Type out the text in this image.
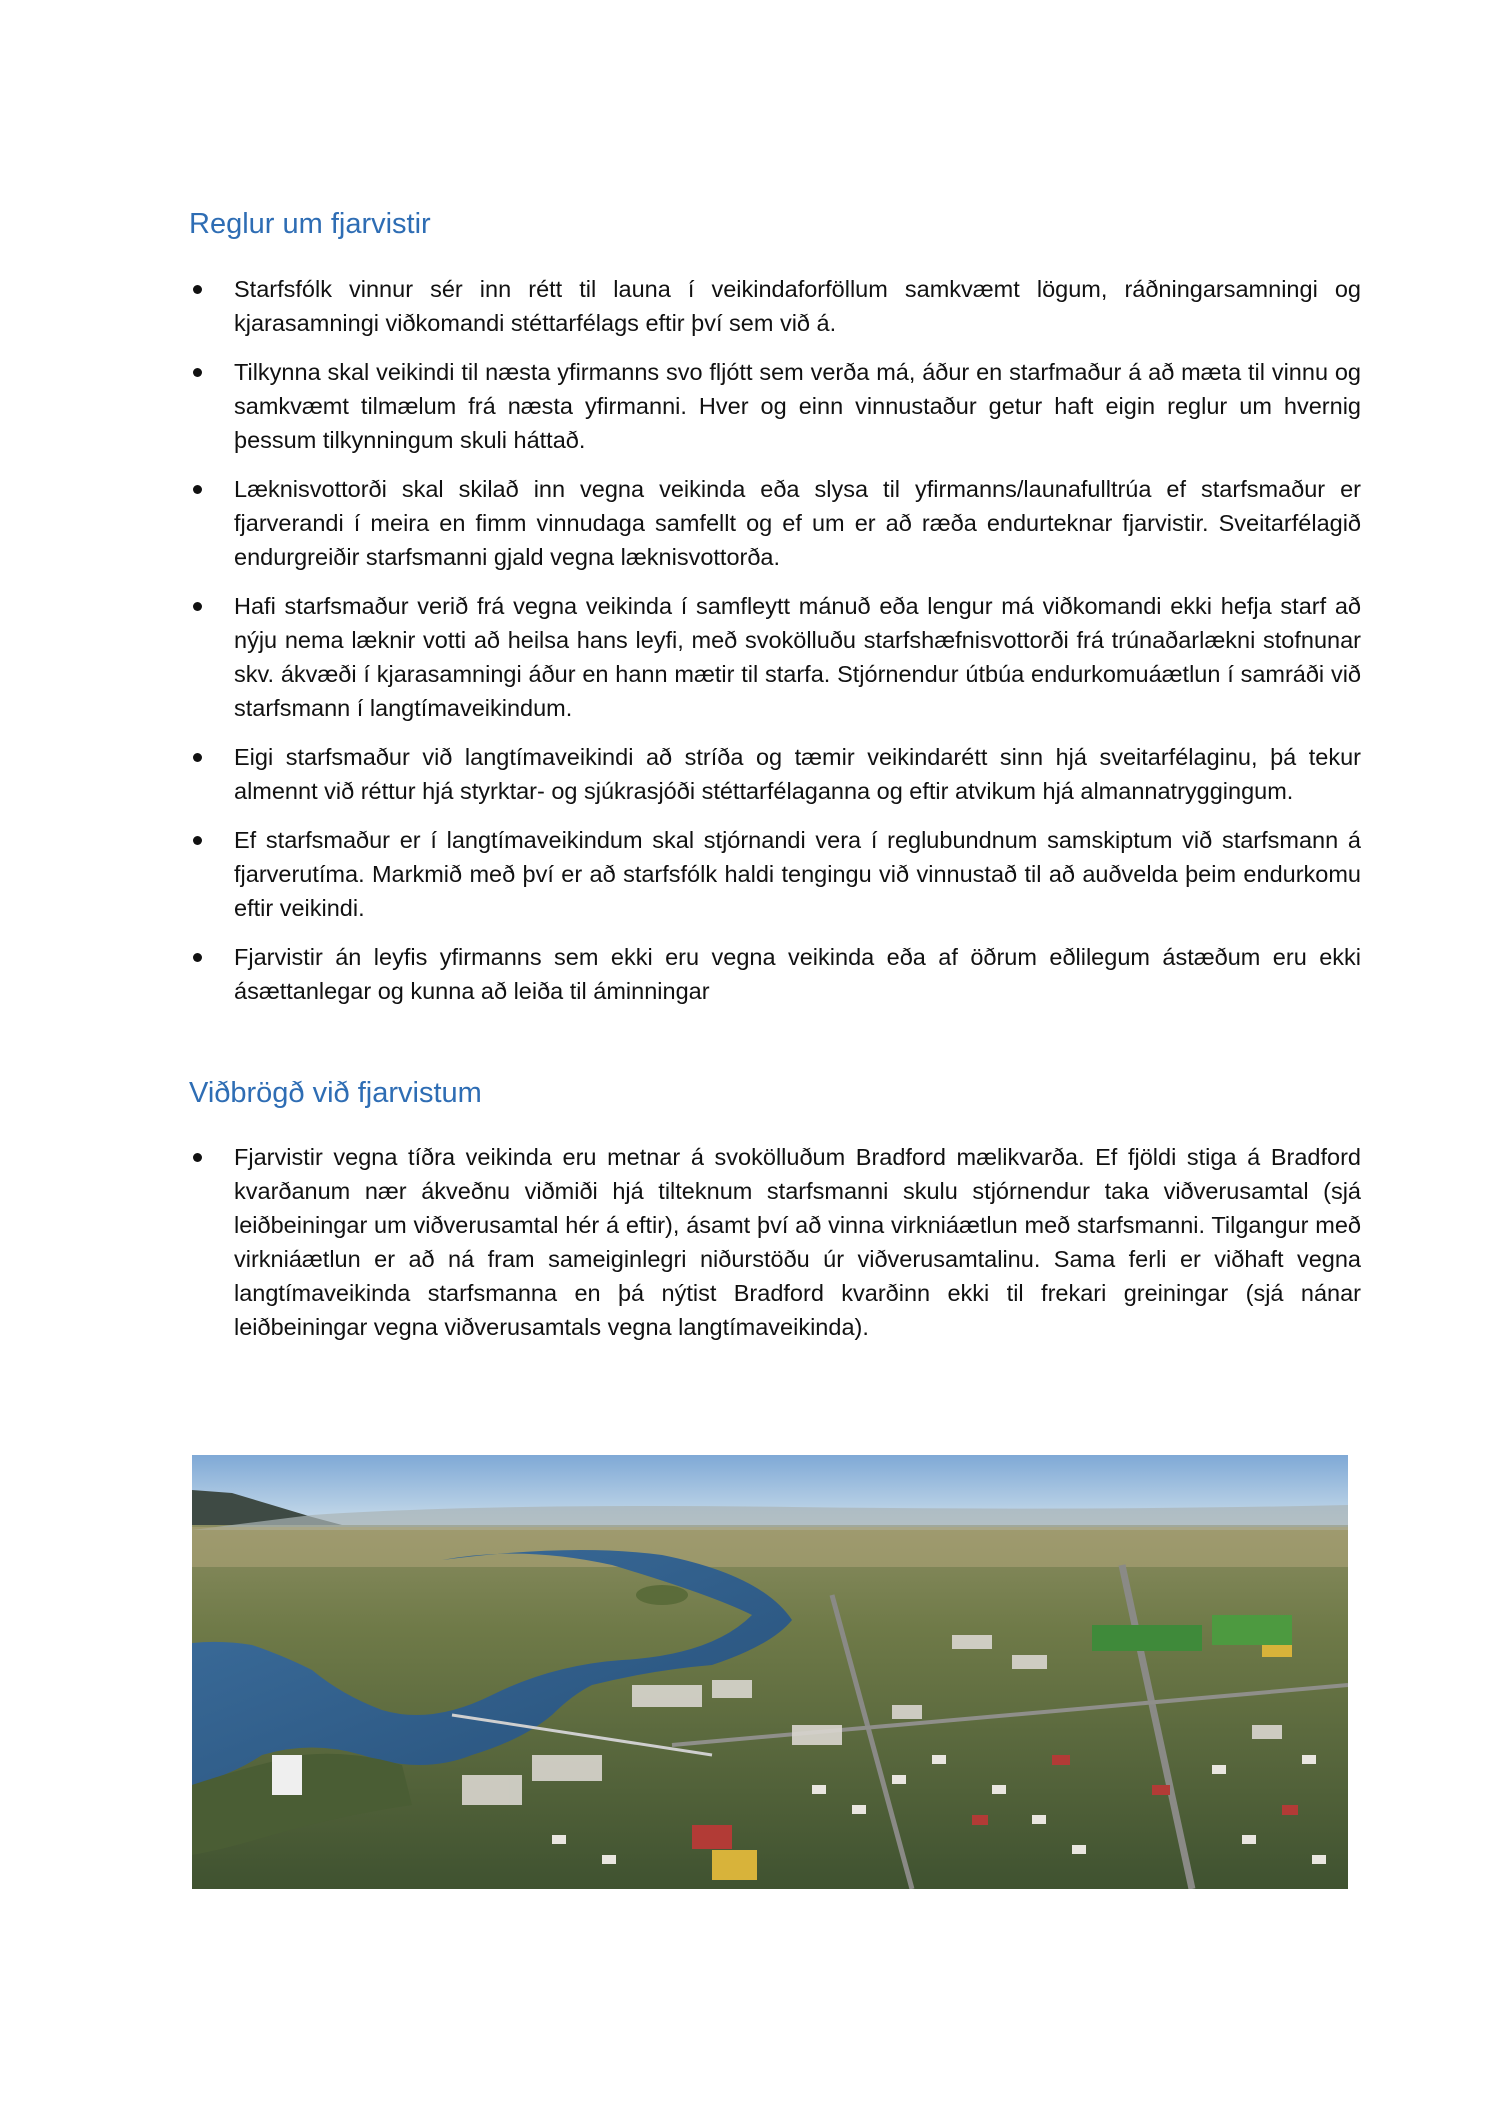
Reglur um fjarvistir
Starfsfólk vinnur sér inn rétt til launa í veikindaforföllum samkvæmt lögum, ráðningarsamningi og kjarasamningi viðkomandi stéttarfélags eftir því sem við á.
Tilkynna skal veikindi til næsta yfirmanns svo fljótt sem verða má, áður en starfmaður á að mæta til vinnu og samkvæmt tilmælum frá næsta yfirmanni. Hver og einn vinnustaður getur haft eigin reglur um hvernig þessum tilkynningum skuli háttað.
Læknisvottorði skal skilað inn vegna veikinda eða slysa til yfirmanns/launafulltrúa ef starfsmaður er fjarverandi í meira en fimm vinnudaga samfellt og ef um er að ræða endurteknar fjarvistir. Sveitarfélagið endurgreiðir starfsmanni gjald vegna læknisvottorða.
Hafi starfsmaður verið frá vegna veikinda í samfleytt mánuð eða lengur má viðkomandi ekki hefja starf að nýju nema læknir votti að heilsa hans leyfi, með svokölluðu starfshæfnisvottorði frá trúnaðarlækni stofnunar skv. ákvæði í kjarasamningi áður en hann mætir til starfa. Stjórnendur útbúa endurkomuáætlun í samráði við starfsmann í langtímaveikindum.
Eigi starfsmaður við langtímaveikindi að stríða og tæmir veikindarétt sinn hjá sveitarfélaginu, þá tekur almennt við réttur hjá styrktar- og sjúkrasjóði stéttarfélaganna og eftir atvikum hjá almannatryggingum.
Ef starfsmaður er í langtímaveikindum skal stjórnandi vera í reglubundnum samskiptum við starfsmann á fjarverutíma. Markmið með því er að starfsfólk haldi tengingu við vinnustað til að auðvelda þeim endurkomu eftir veikindi.
Fjarvistir án leyfis yfirmanns sem ekki eru vegna veikinda eða af öðrum eðlilegum ástæðum eru ekki ásættanlegar og kunna að leiða til áminningar
Viðbrögð við fjarvistum
Fjarvistir vegna tíðra veikinda eru metnar á svokölluðum Bradford mælikvarða. Ef fjöldi stiga á Bradford kvarðanum nær ákveðnu viðmiði hjá tilteknum starfsmanni skulu stjórnendur taka viðverusamtal (sjá leiðbeiningar um viðverusamtal hér á eftir), ásamt því að vinna virkniáætlun með starfsmanni. Tilgangur með virkniáætlun er að ná fram sameiginlegri niðurstöðu úr viðverusamtalinu. Sama ferli er viðhaft vegna langtímaveikinda starfsmanna en þá nýtist Bradford kvarðinn ekki til frekari greiningar (sjá nánar leiðbeiningar vegna viðverusamtals vegna langtímaveikinda).
